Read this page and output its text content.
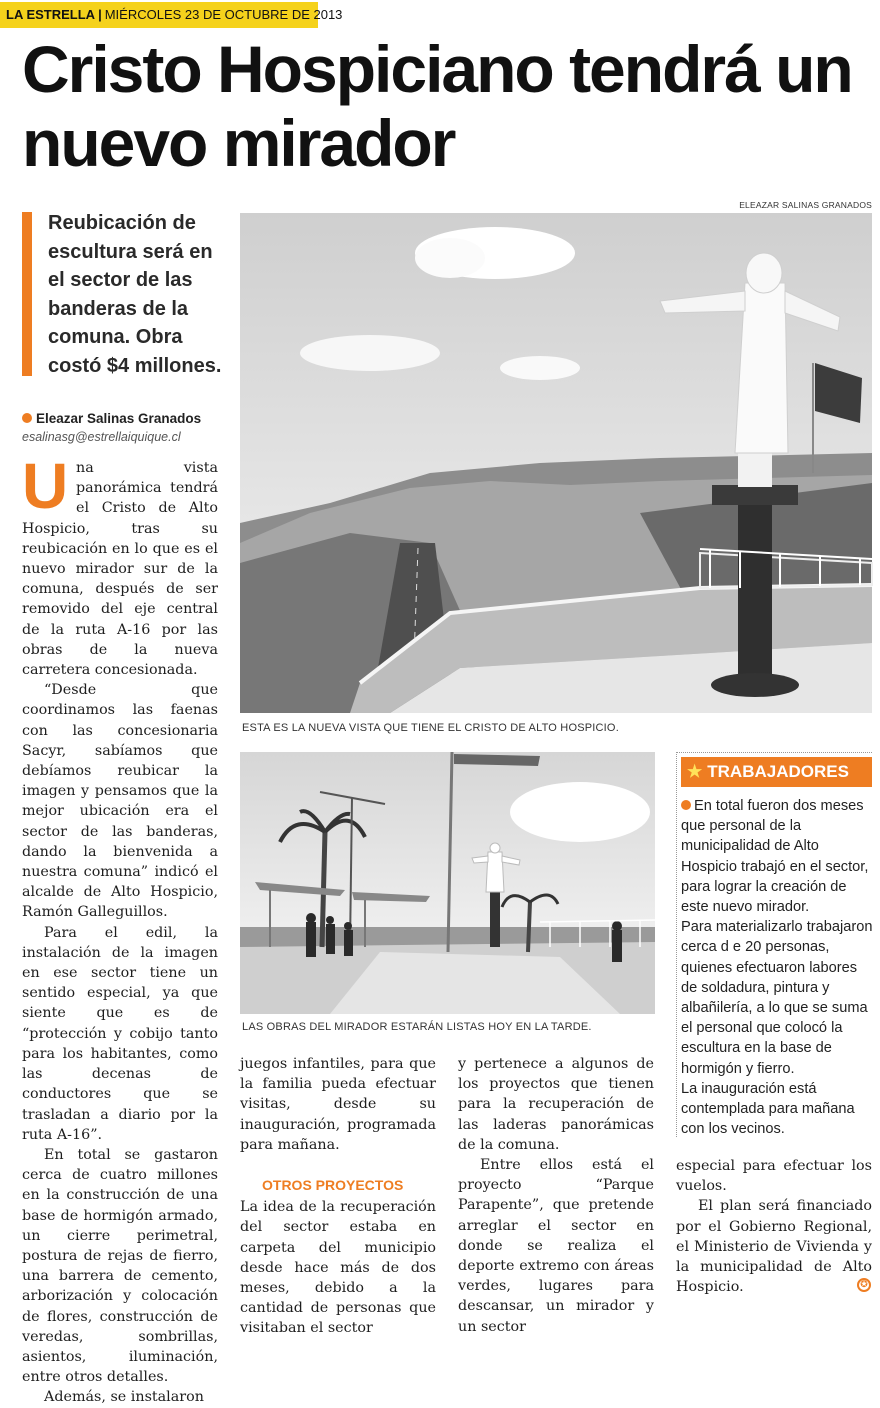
LA ESTRELLA | MIÉRCOLES 23 DE OCTUBRE DE 2013
Cristo Hospiciano tendrá un nuevo mirador
Reubicación de escultura será en el sector de las banderas de la comuna. Obra costó $4 millones.
Eleazar Salinas Granados
esalinasg@estrellaiquique.cl

U na vista panorámica tendrá el Cristo de Alto Hospicio, tras su reubicación en lo que es el nuevo mirador sur de la comuna, después de ser removido del eje central de la ruta A-16 por las obras de la nueva carretera concesionada.

“Desde que coordinamos las faenas con las concesionaria Sacyr, sabíamos que debíamos reubicar la imagen y pensamos que la mejor ubicación era el sector de las banderas, dando la bienvenida a nuestra comuna” indicó el alcalde de Alto Hospicio, Ramón Galleguillos.

Para el edil, la instalación de la imagen en ese sector tiene un sentido especial, ya que siente que es de “protección y cobijo tanto para los habitantes, como las decenas de conductores que se trasladan a diario por la ruta A-16”.

En total se gastaron cerca de cuatro millones en la construcción de una base de hormigón armado, un cierre perimetral, postura de rejas de fierro, una barrera de cemento, arborización y colocación de flores, construcción de veredas, sombrillas, asientos, iluminación, entre otros detalles.

Además, se instalaron

ELEAZAR SALINAS GRANADOS
ESTA ES LA NUEVA VISTA QUE TIENE EL CRISTO DE ALTO HOSPICIO.
LAS OBRAS DEL MIRADOR ESTARÁN LISTAS HOY EN LA TARDE.
★ TRABAJADORES

En total fueron dos meses que personal de la municipalidad de Alto Hospicio trabajó en el sector, para lograr la creación de este nuevo mirador.

Para materializarlo trabajaron cerca d e 20 personas, quienes efectuaron labores de soldadura, pintura y albañilería, a lo que se suma el personal que colocó la escultura en la base de hormigón y fierro.

La inauguración está contemplada para mañana con los vecinos.

juegos infantiles, para que la familia pueda efectuar visitas, desde su inauguración, programada para mañana.

OTROS PROYECTOS

La idea de la recuperación del sector estaba en carpeta del municipio desde hace más de dos meses, debido a la cantidad de personas que visitaban el sector

y pertenece a algunos de los proyectos que tienen para la recuperación de las laderas panorámicas de la comuna.

Entre ellos está el proyecto “Parque Parapente”, que pretende arreglar el sector en donde se realiza el deporte extremo con áreas verdes, lugares para descansar, un mirador y un sector

especial para efectuar los vuelos.

El plan será financiado por el Gobierno Regional, el Ministerio de Vivienda y la municipalidad de Alto Hospicio.	✪
